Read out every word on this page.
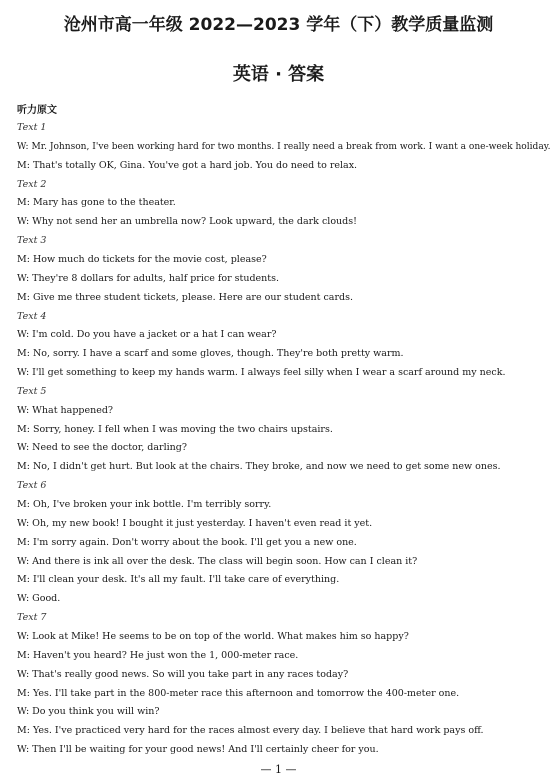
沧州市高一年级 2022—2023 学年（下）教学质量监测
英语 · 答案
听力原文
Text 1
W: Mr. Johnson, I've been working hard for two months. I really need a break from work. I want a one-week holiday.
M: That's totally OK, Gina. You've got a hard job. You do need to relax.
Text 2
M: Mary has gone to the theater.
W: Why not send her an umbrella now? Look upward, the dark clouds!
Text 3
M: How much do tickets for the movie cost, please?
W: They're 8 dollars for adults, half price for students.
M: Give me three student tickets, please. Here are our student cards.
Text 4
W: I'm cold. Do you have a jacket or a hat I can wear?
M: No, sorry. I have a scarf and some gloves, though. They're both pretty warm.
W: I'll get something to keep my hands warm. I always feel silly when I wear a scarf around my neck.
Text 5
W: What happened?
M: Sorry, honey. I fell when I was moving the two chairs upstairs.
W: Need to see the doctor, darling?
M: No, I didn't get hurt. But look at the chairs. They broke, and now we need to get some new ones.
Text 6
M: Oh, I've broken your ink bottle. I'm terribly sorry.
W: Oh, my new book! I bought it just yesterday. I haven't even read it yet.
M: I'm sorry again. Don't worry about the book. I'll get you a new one.
W: And there is ink all over the desk. The class will begin soon. How can I clean it?
M: I'll clean your desk. It's all my fault. I'll take care of everything.
W: Good.
Text 7
W: Look at Mike! He seems to be on top of the world. What makes him so happy?
M: Haven't you heard? He just won the 1, 000-meter race.
W: That's really good news. So will you take part in any races today?
M: Yes. I'll take part in the 800-meter race this afternoon and tomorrow the 400-meter one.
W: Do you think you will win?
M: Yes. I've practiced very hard for the races almost every day. I believe that hard work pays off.
W: Then I'll be waiting for your good news! And I'll certainly cheer for you.
— 1 —
